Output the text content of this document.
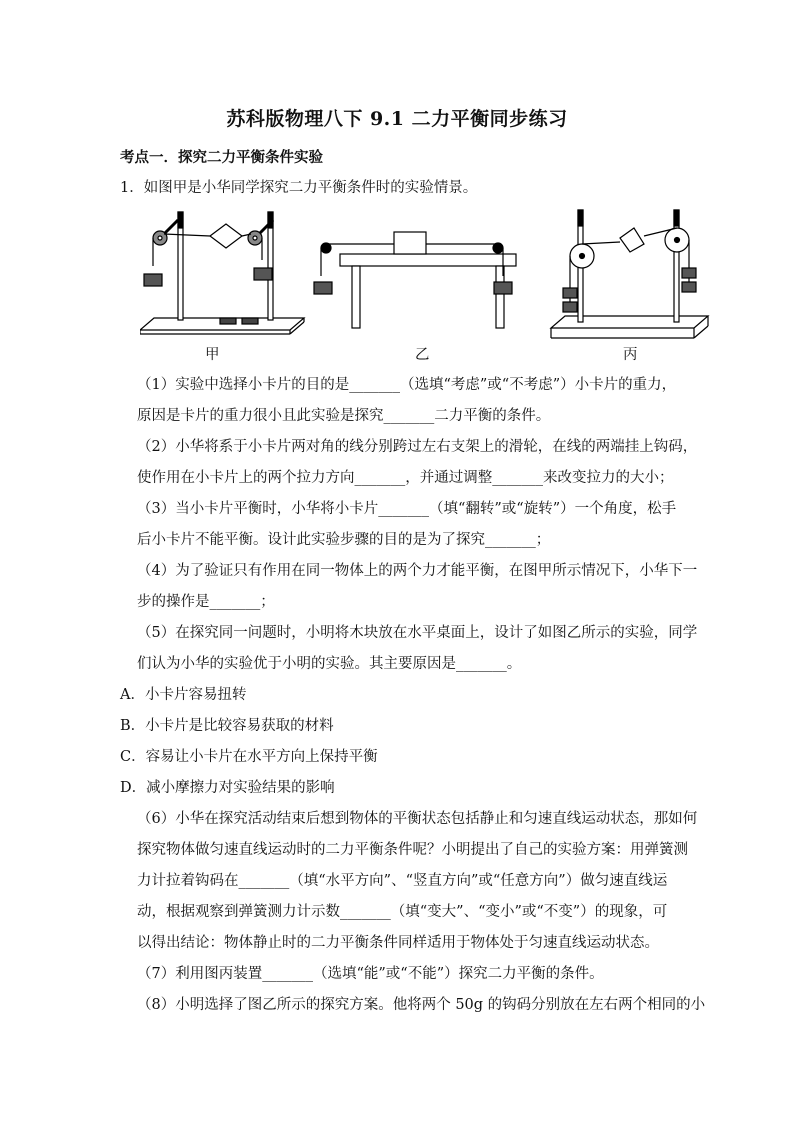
苏科版物理八下 9.1 二力平衡同步练习
考点一．探究二力平衡条件实验
1．如图甲是小华同学探究二力平衡条件时的实验情景。
甲	乙	丙
（1）实验中选择小卡片的目的是_______（选填“考虑”或“不考虑”）小卡片的重力，
原因是卡片的重力很小且此实验是探究_______二力平衡的条件。
（2）小华将系于小卡片两对角的线分别跨过左右支架上的滑轮，在线的两端挂上钩码，
使作用在小卡片上的两个拉力方向_______，并通过调整_______来改变拉力的大小；
（3）当小卡片平衡时，小华将小卡片_______（填“翻转”或“旋转”）一个角度，松手
后小卡片不能平衡。设计此实验步骤的目的是为了探究_______；
（4）为了验证只有作用在同一物体上的两个力才能平衡，在图甲所示情况下，小华下一
步的操作是_______；
（5）在探究同一问题时，小明将木块放在水平桌面上，设计了如图乙所示的实验，同学
们认为小华的实验优于小明的实验。其主要原因是_______。
A．小卡片容易扭转
B．小卡片是比较容易获取的材料
C．容易让小卡片在水平方向上保持平衡
D．减小摩擦力对实验结果的影响
（6）小华在探究活动结束后想到物体的平衡状态包括静止和匀速直线运动状态，那如何
探究物体做匀速直线运动时的二力平衡条件呢？小明提出了自己的实验方案：用弹簧测
力计拉着钩码在_______（填“水平方向”、“竖直方向”或“任意方向”）做匀速直线运
动，根据观察到弹簧测力计示数_______（填“变大”、“变小”或“不变”）的现象，可
以得出结论：物体静止时的二力平衡条件同样适用于物体处于匀速直线运动状态。
（7）利用图丙装置_______（选填“能”或“不能”）探究二力平衡的条件。
（8）小明选择了图乙所示的探究方案。他将两个 50g 的钩码分别放在左右两个相同的小
